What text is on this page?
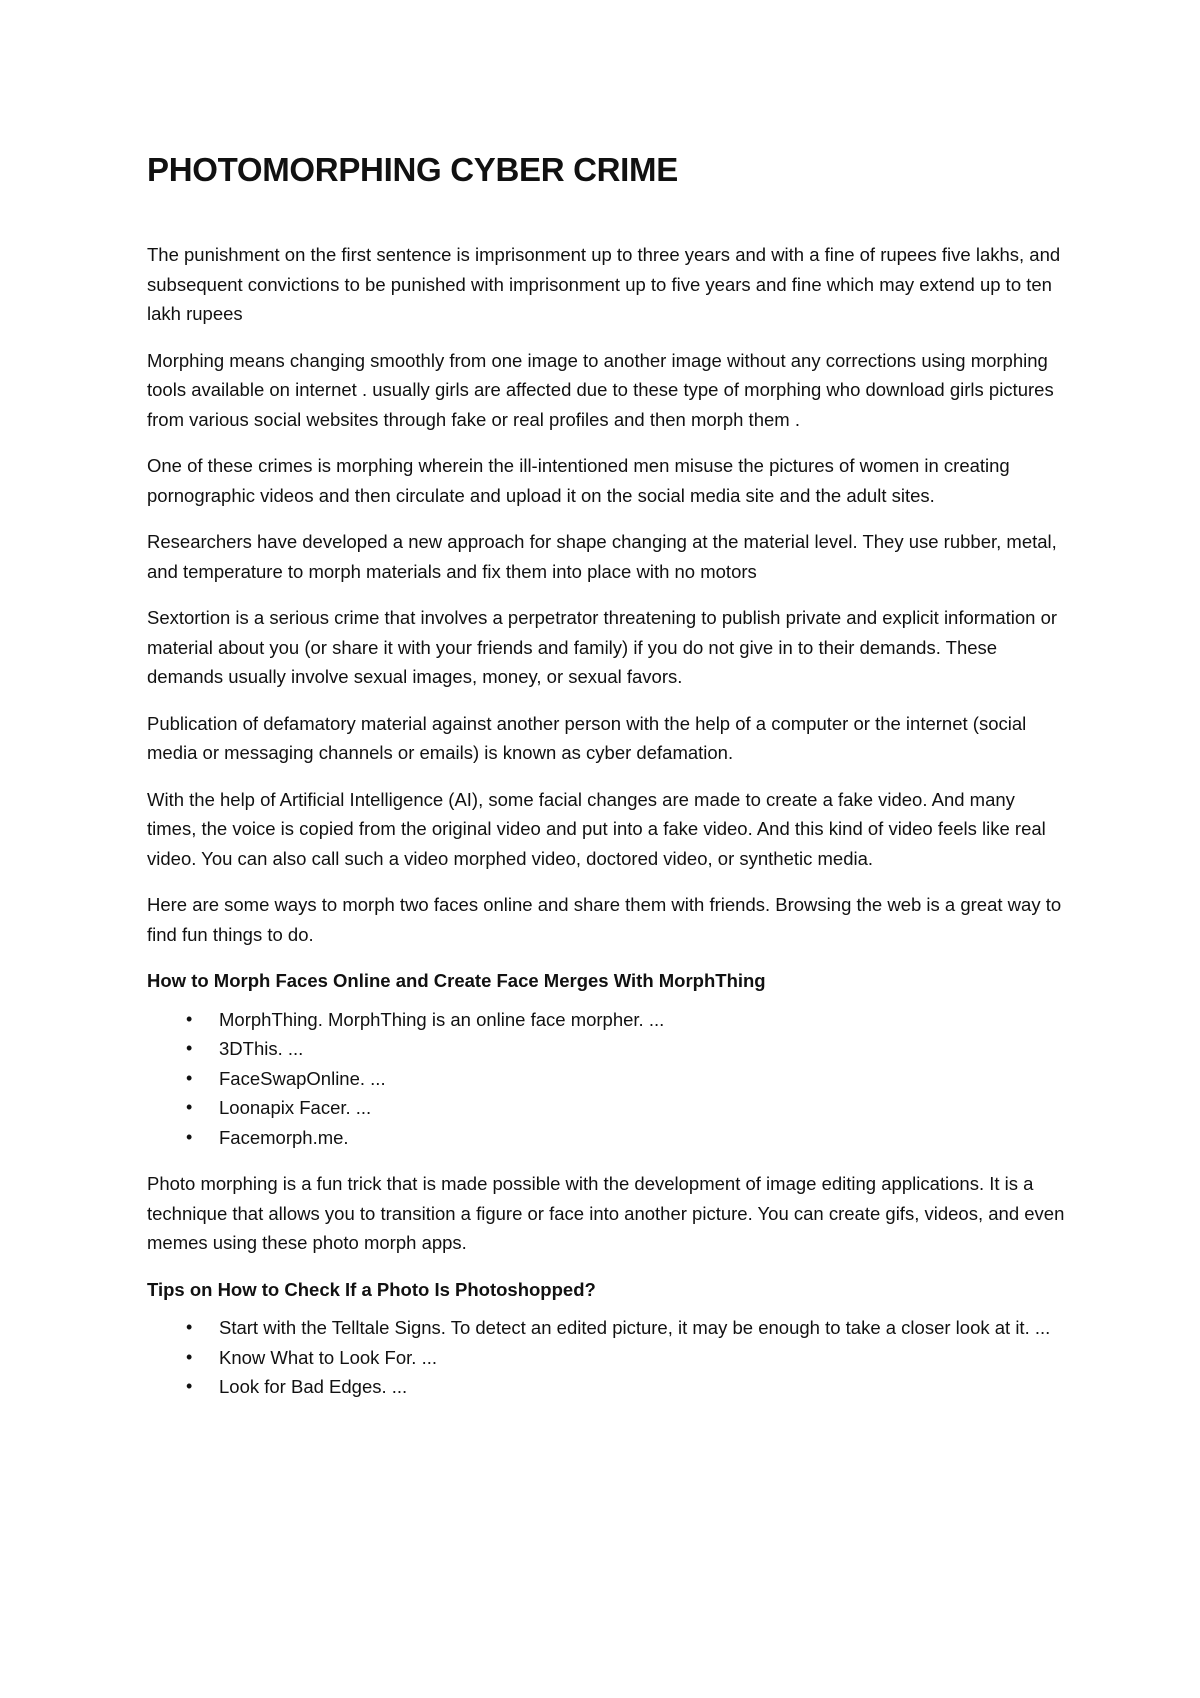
PHOTOMORPHING CYBER CRIME

The punishment on the first sentence is imprisonment up to three years and with a fine of rupees five lakhs, and subsequent convictions to be punished with imprisonment up to five years and fine which may extend up to ten lakh rupees

Morphing means changing smoothly from one image to another image without any corrections using morphing tools available on internet . usually girls are affected due to these type of morphing who download girls pictures from various social websites through fake or real profiles and then morph them .

One of these crimes is morphing wherein the ill-intentioned men misuse the pictures of women in creating pornographic videos and then circulate and upload it on the social media site and the adult sites.

Researchers have developed a new approach for shape changing at the material level. They use rubber, metal, and temperature to morph materials and fix them into place with no motors

Sextortion is a serious crime that involves a perpetrator threatening to publish private and explicit information or material about you (or share it with your friends and family) if you do not give in to their demands. These demands usually involve sexual images, money, or sexual favors.

Publication of defamatory material against another person with the help of a computer or the internet (social media or messaging channels or emails) is known as cyber defamation.

With the help of Artificial Intelligence (AI), some facial changes are made to create a fake video. And many times, the voice is copied from the original video and put into a fake video. And this kind of video feels like real video. You can also call such a video morphed video, doctored video, or synthetic media.

Here are some ways to morph two faces online and share them with friends. Browsing the web is a great way to find fun things to do.

How to Morph Faces Online and Create Face Merges With MorphThing
• MorphThing. MorphThing is an online face morpher. ...
• 3DThis. ...
• FaceSwapOnline. ...
• Loonapix Facer. ...
• Facemorph.me.

Photo morphing is a fun trick that is made possible with the development of image editing applications. It is a technique that allows you to transition a figure or face into another picture. You can create gifs, videos, and even memes using these photo morph apps.

Tips on How to Check If a Photo Is Photoshopped?
• Start with the Telltale Signs. To detect an edited picture, it may be enough to take a closer look at it. ...
• Know What to Look For. ...
• Look for Bad Edges. ...
